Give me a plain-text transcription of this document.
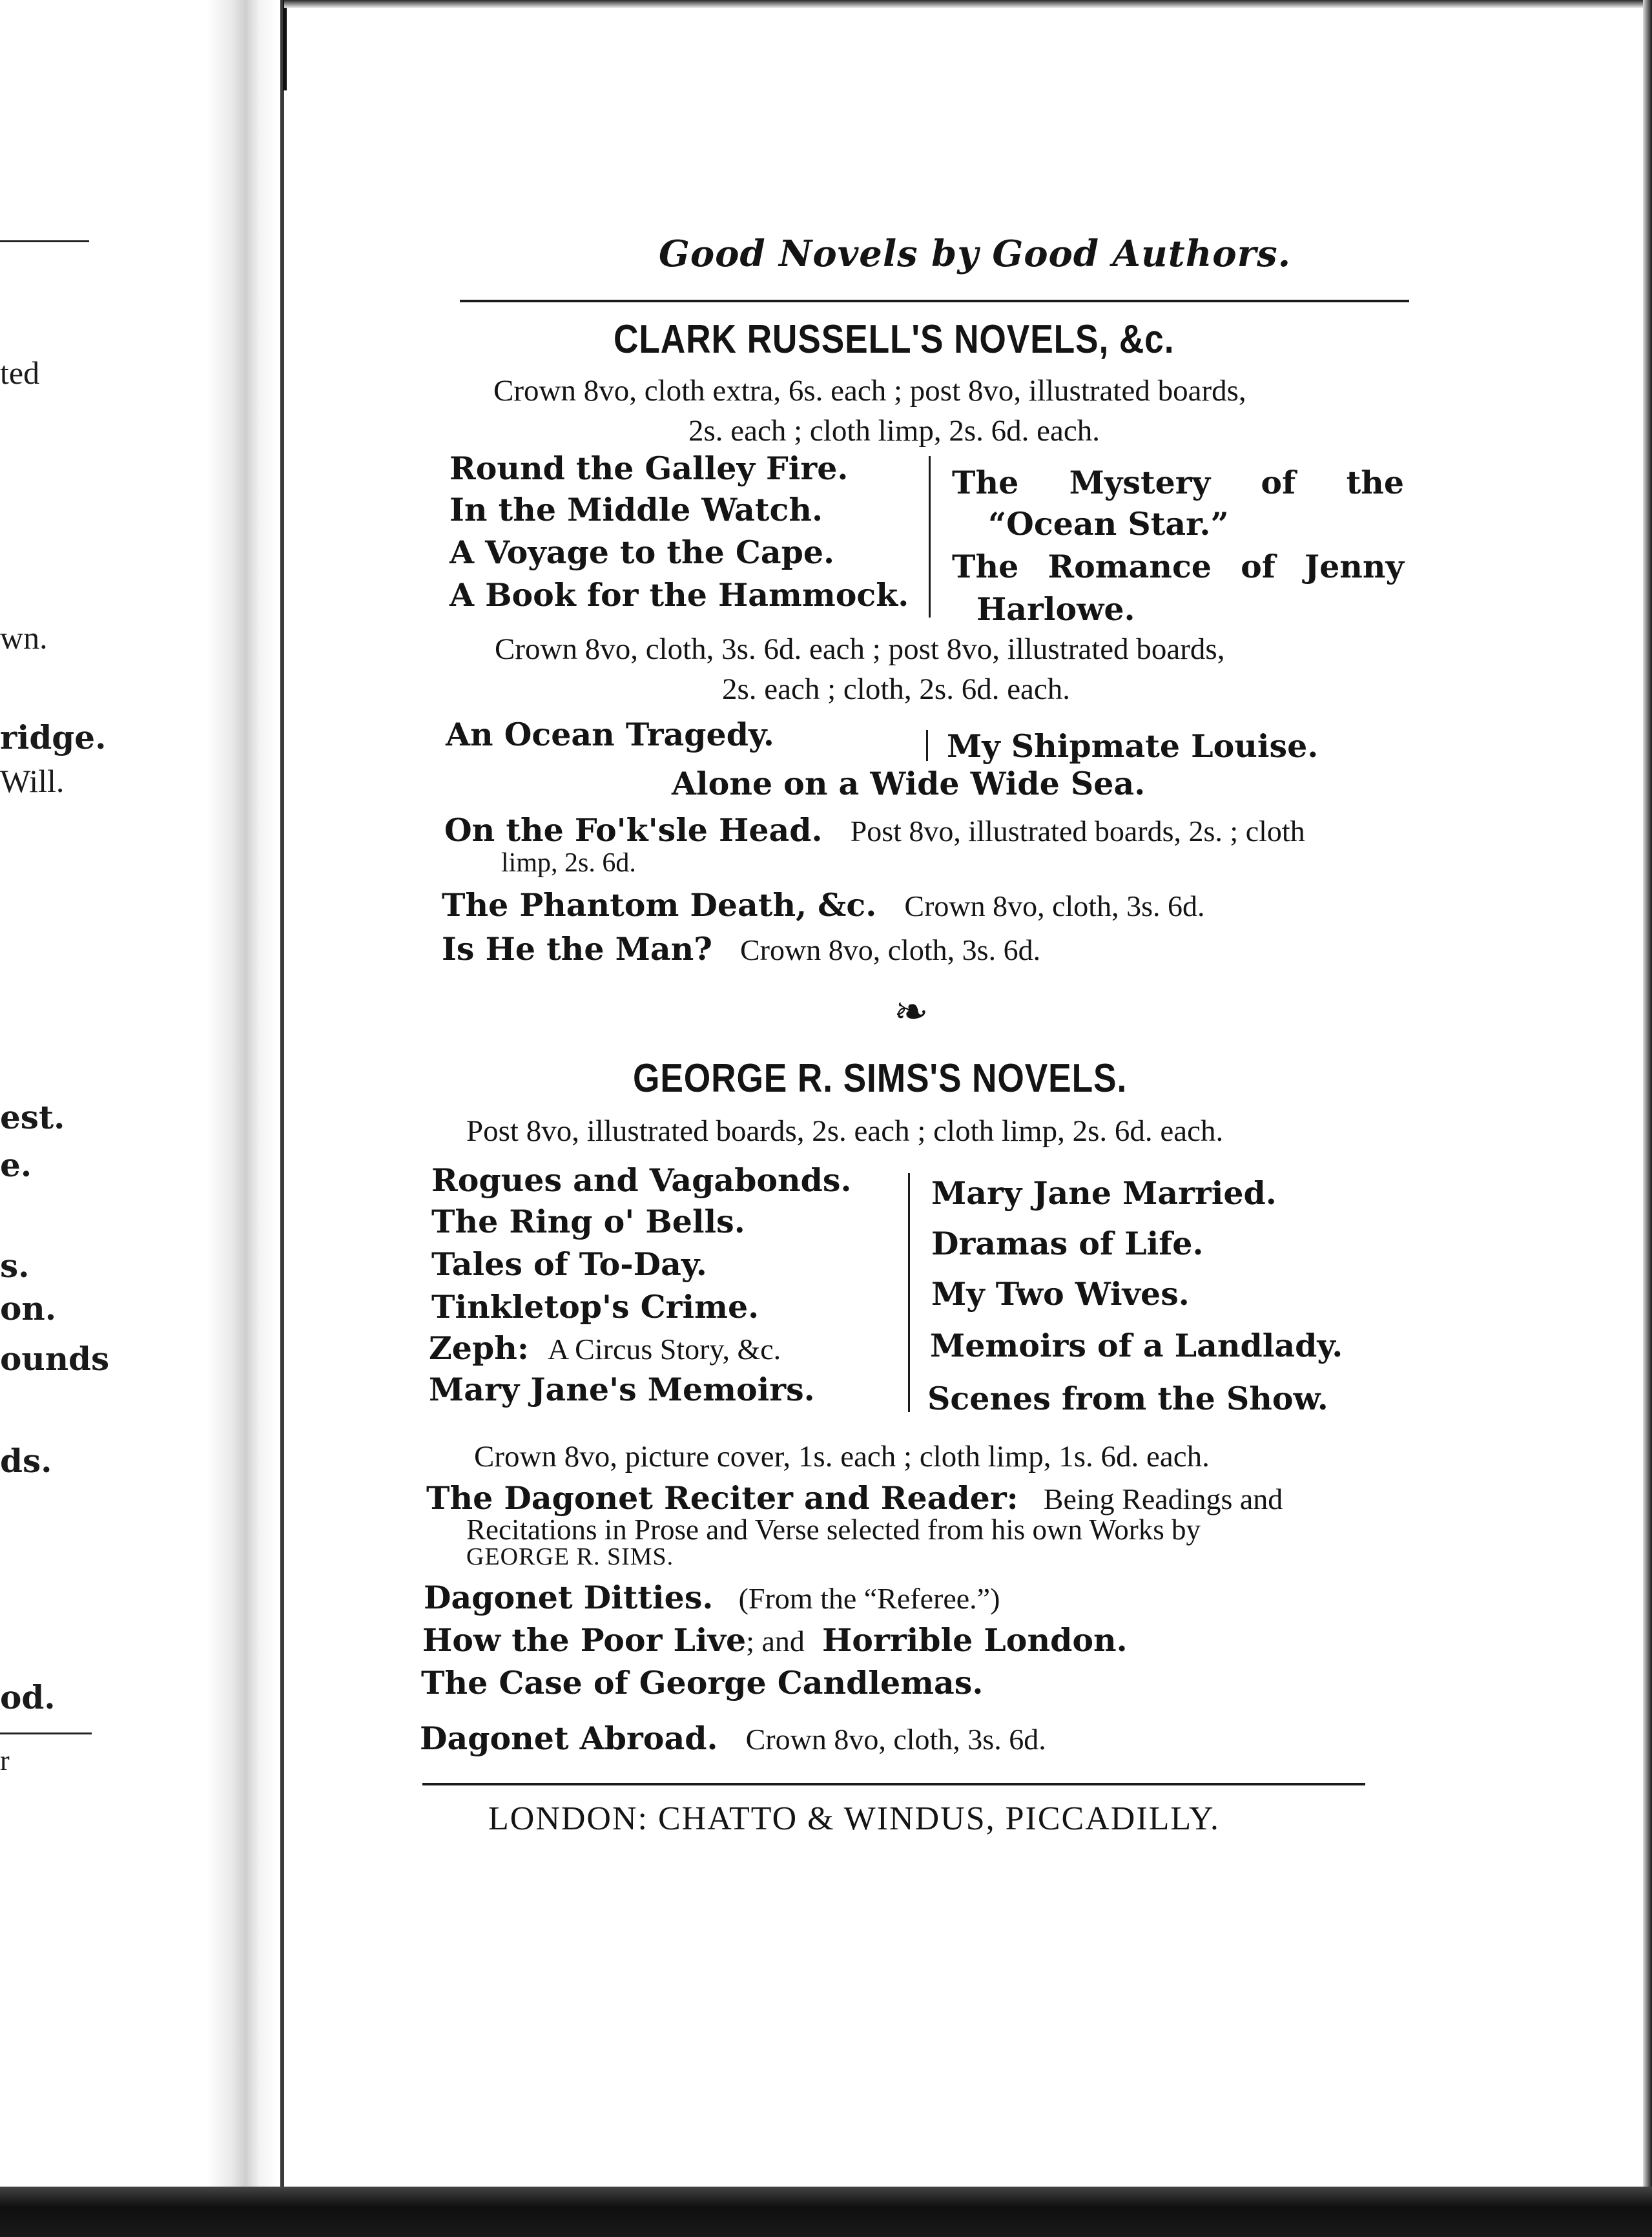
ted
wn.
ridge.
Will.
est.
e.
s.
on.
ounds
ds.
od.
r
Good Novels by Good Authors.
CLARK RUSSELL'S NOVELS, &c.
Crown 8vo, cloth extra, 6s. each ; post 8vo, illustrated boards,
2s. each ; cloth limp, 2s. 6d. each.
Round the Galley Fire.
In the Middle Watch.
A Voyage to the Cape.
A Book for the Hammock.
The Mystery of the
“Ocean Star.”
The Romance of Jenny
Harlowe.
Crown 8vo, cloth, 3s. 6d. each ; post 8vo, illustrated boards,
2s. each ; cloth, 2s. 6d. each.
An Ocean Tragedy.	My Shipmate Louise.
Alone on a Wide Wide Sea.
On the Fo'k'sle Head. Post 8vo, illustrated boards, 2s. ; cloth
limp, 2s. 6d.
The Phantom Death, &c. Crown 8vo, cloth, 3s. 6d.
Is He the Man? Crown 8vo, cloth, 3s. 6d.
❧
GEORGE R. SIMS'S NOVELS.
Post 8vo, illustrated boards, 2s. each ; cloth limp, 2s. 6d. each.
Rogues and Vagabonds.
The Ring o' Bells.
Tales of To-Day.
Tinkletop's Crime.
Zeph: A Circus Story, &c.
Mary Jane's Memoirs.
Mary Jane Married.
Dramas of Life.
My Two Wives.
Memoirs of a Landlady.
Scenes from the Show.
Crown 8vo, picture cover, 1s. each ; cloth limp, 1s. 6d. each.
The Dagonet Reciter and Reader: Being Readings and
Recitations in Prose and Verse selected from his own Works by
GEORGE R. SIMS.
Dagonet Ditties. (From the “Referee.”)
How the Poor Live; and Horrible London.
The Case of George Candlemas.
Dagonet Abroad. Crown 8vo, cloth, 3s. 6d.
LONDON: CHATTO & WINDUS, PICCADILLY.
